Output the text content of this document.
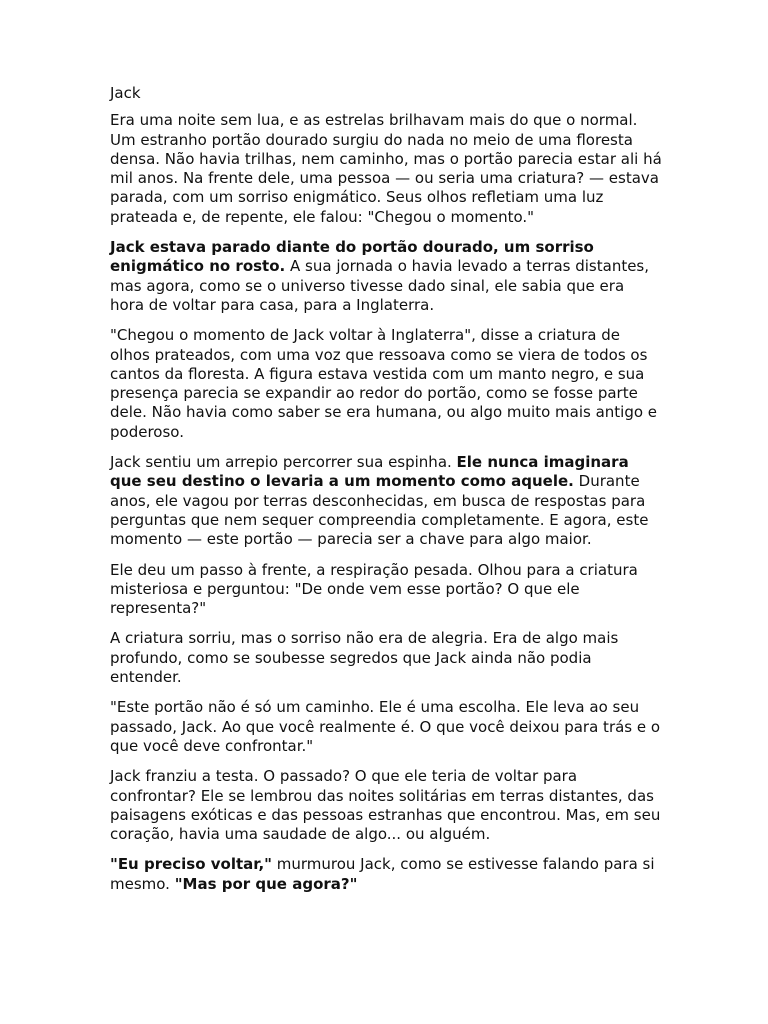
Jack

Era uma noite sem lua, e as estrelas brilhavam mais do que o normal. Um estranho portão dourado surgiu do nada no meio de uma floresta densa. Não havia trilhas, nem caminho, mas o portão parecia estar ali há mil anos. Na frente dele, uma pessoa — ou seria uma criatura? — estava parada, com um sorriso enigmático. Seus olhos refletiam uma luz prateada e, de repente, ele falou: "Chegou o momento."

Jack estava parado diante do portão dourado, um sorriso enigmático no rosto. A sua jornada o havia levado a terras distantes, mas agora, como se o universo tivesse dado sinal, ele sabia que era hora de voltar para casa, para a Inglaterra.

"Chegou o momento de Jack voltar à Inglaterra", disse a criatura de olhos prateados, com uma voz que ressoava como se viera de todos os cantos da floresta. A figura estava vestida com um manto negro, e sua presença parecia se expandir ao redor do portão, como se fosse parte dele. Não havia como saber se era humana, ou algo muito mais antigo e poderoso.

Jack sentiu um arrepio percorrer sua espinha. Ele nunca imaginara que seu destino o levaria a um momento como aquele. Durante anos, ele vagou por terras desconhecidas, em busca de respostas para perguntas que nem sequer compreendia completamente. E agora, este momento — este portão — parecia ser a chave para algo maior.

Ele deu um passo à frente, a respiração pesada. Olhou para a criatura misteriosa e perguntou: "De onde vem esse portão? O que ele representa?"

A criatura sorriu, mas o sorriso não era de alegria. Era de algo mais profundo, como se soubesse segredos que Jack ainda não podia entender.

"Este portão não é só um caminho. Ele é uma escolha. Ele leva ao seu passado, Jack. Ao que você realmente é. O que você deixou para trás e o que você deve confrontar."

Jack franziu a testa. O passado? O que ele teria de voltar para confrontar? Ele se lembrou das noites solitárias em terras distantes, das paisagens exóticas e das pessoas estranhas que encontrou. Mas, em seu coração, havia uma saudade de algo... ou alguém.

"Eu preciso voltar," murmurou Jack, como se estivesse falando para si mesmo. "Mas por que agora?"
